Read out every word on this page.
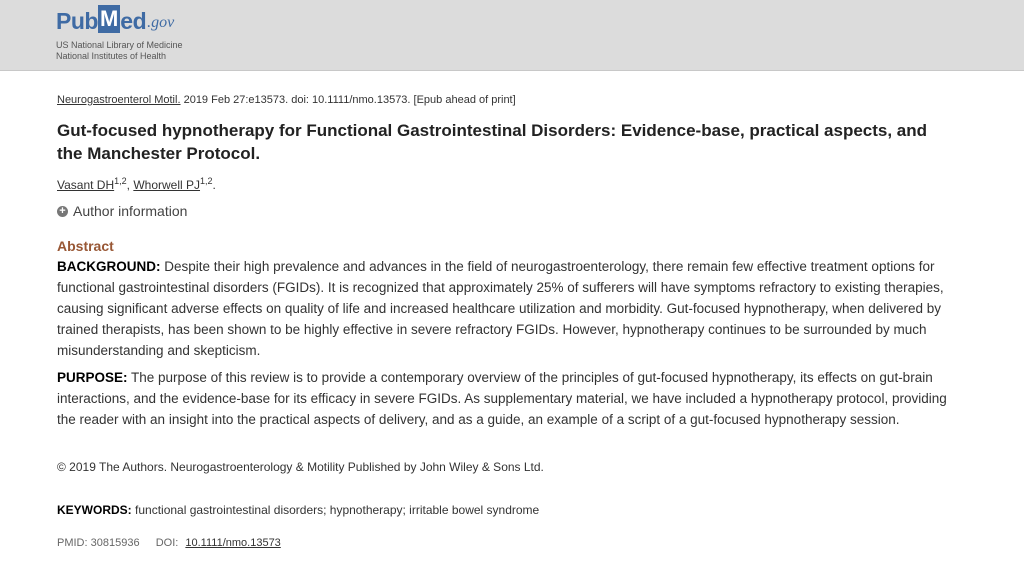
Pub M ed .gov
US National Library of Medicine
National Institutes of Health
Neurogastroenterol Motil. 2019 Feb 27:e13573. doi: 10.1111/nmo.13573. [Epub ahead of print]
Gut-focused hypnotherapy for Functional Gastrointestinal Disorders: Evidence-base, practical aspects, and the Manchester Protocol.
Vasant DH$^{1,2}$, Whorwell PJ$^{1,2}$.
+ Author information
Abstract

BACKGROUND: Despite their high prevalence and advances in the field of neurogastroenterology, there remain few effective treatment options for functional gastrointestinal disorders (FGIDs). It is recognized that approximately 25% of sufferers will have symptoms refractory to existing therapies, causing significant adverse effects on quality of life and increased healthcare utilization and morbidity. Gut-focused hypnotherapy, when delivered by trained therapists, has been shown to be highly effective in severe refractory FGIDs. However, hypnotherapy continues to be surrounded by much misunderstanding and skepticism.

PURPOSE: The purpose of this review is to provide a contemporary overview of the principles of gut-focused hypnotherapy, its effects on gut-brain interactions, and the evidence-base for its efficacy in severe FGIDs. As supplementary material, we have included a hypnotherapy protocol, providing the reader with an insight into the practical aspects of delivery, and as a guide, an example of a script of a gut-focused hypnotherapy session.

© 2019 The Authors. Neurogastroenterology & Motility Published by John Wiley & Sons Ltd.
KEYWORDS: functional gastrointestinal disorders; hypnotherapy; irritable bowel syndrome
PMID: 30815936 DOI: 10.1111/nmo.13573
